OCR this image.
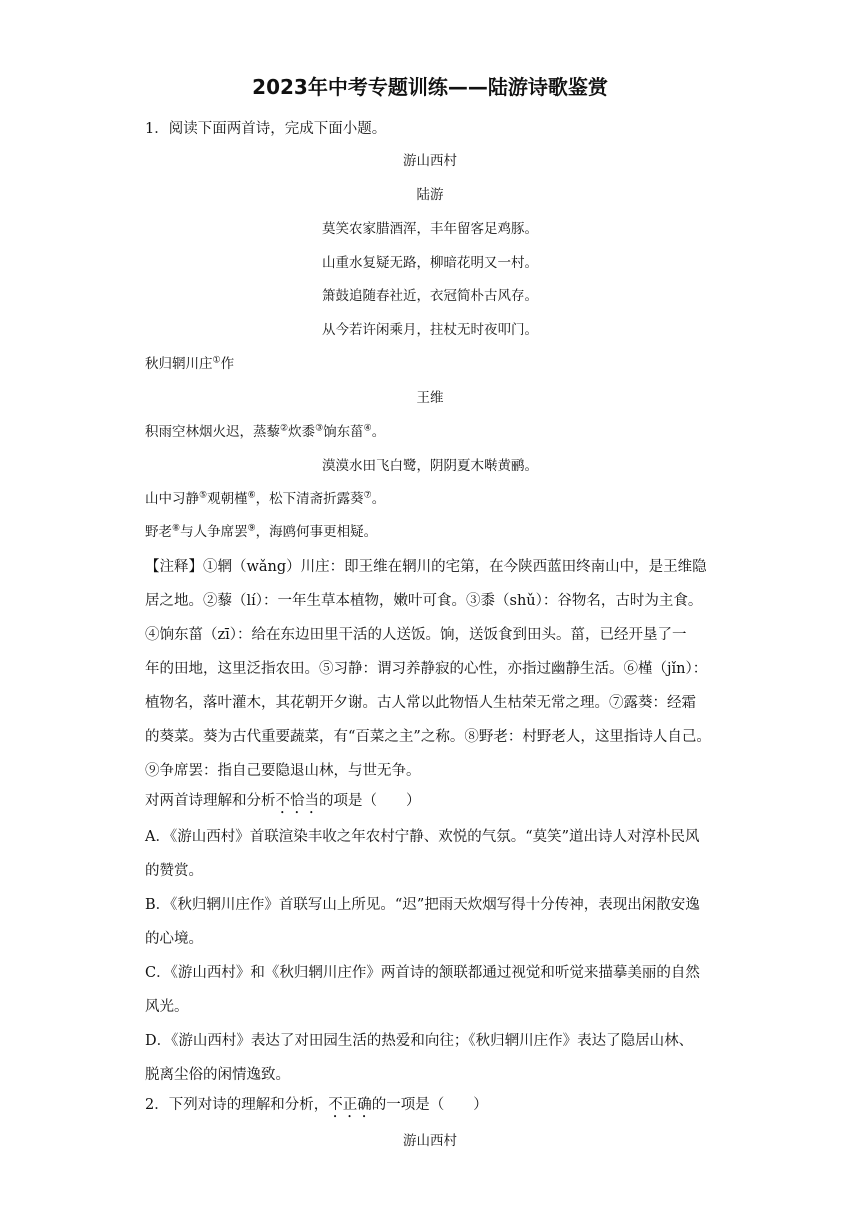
2023年中考专题训练——陆游诗歌鉴赏
1．阅读下面两首诗，完成下面小题。
游山西村
陆游
莫笑农家腊酒浑，丰年留客足鸡豚。
山重水复疑无路，柳暗花明又一村。
箫鼓追随春社近，衣冠简朴古风存。
从今若许闲乘月，拄杖无时夜叩门。
秋归辋川庄①作
王维
积雨空林烟火迟，蒸藜②炊黍③饷东菑④。
漠漠水田飞白鹭，阴阴夏木啭黄鹂。
山中习静⑤观朝槿⑥，松下清斋折露葵⑦。
野老⑧与人争席罢⑨，海鸥何事更相疑。
【注释】①辋（wǎng）川庄：即王维在辋川的宅第，在今陕西蓝田终南山中，是王维隐
居之地。②藜（lí）：一年生草本植物，嫩叶可食。③黍（shǔ）：谷物名，古时为主食。
④饷东菑（zī）：给在东边田里干活的人送饭。饷，送饭食到田头。菑，已经开垦了一
年的田地，这里泛指农田。⑤习静：谓习养静寂的心性，亦指过幽静生活。⑥槿（jǐn）：
植物名，落叶灌木，其花朝开夕谢。古人常以此物悟人生枯荣无常之理。⑦露葵：经霜
的葵菜。葵为古代重要蔬菜，有“百菜之主”之称。⑧野老：村野老人，这里指诗人自己。
⑨争席罢：指自己要隐退山林，与世无争。
对两首诗理解和分析不恰当的项是（　　）
A．《游山西村》首联渲染丰收之年农村宁静、欢悦的气氛。“莫笑”道出诗人对淳朴民风
的赞赏。
B．《秋归辋川庄作》首联写山上所见。“迟”把雨天炊烟写得十分传神，表现出闲散安逸
的心境。
C．《游山西村》和《秋归辋川庄作》两首诗的颔联都通过视觉和听觉来描摹美丽的自然
风光。
D．《游山西村》表达了对田园生活的热爱和向往；《秋归辋川庄作》表达了隐居山林、
脱离尘俗的闲情逸致。
2．下列对诗的理解和分析，不正确的一项是（　　）
游山西村
